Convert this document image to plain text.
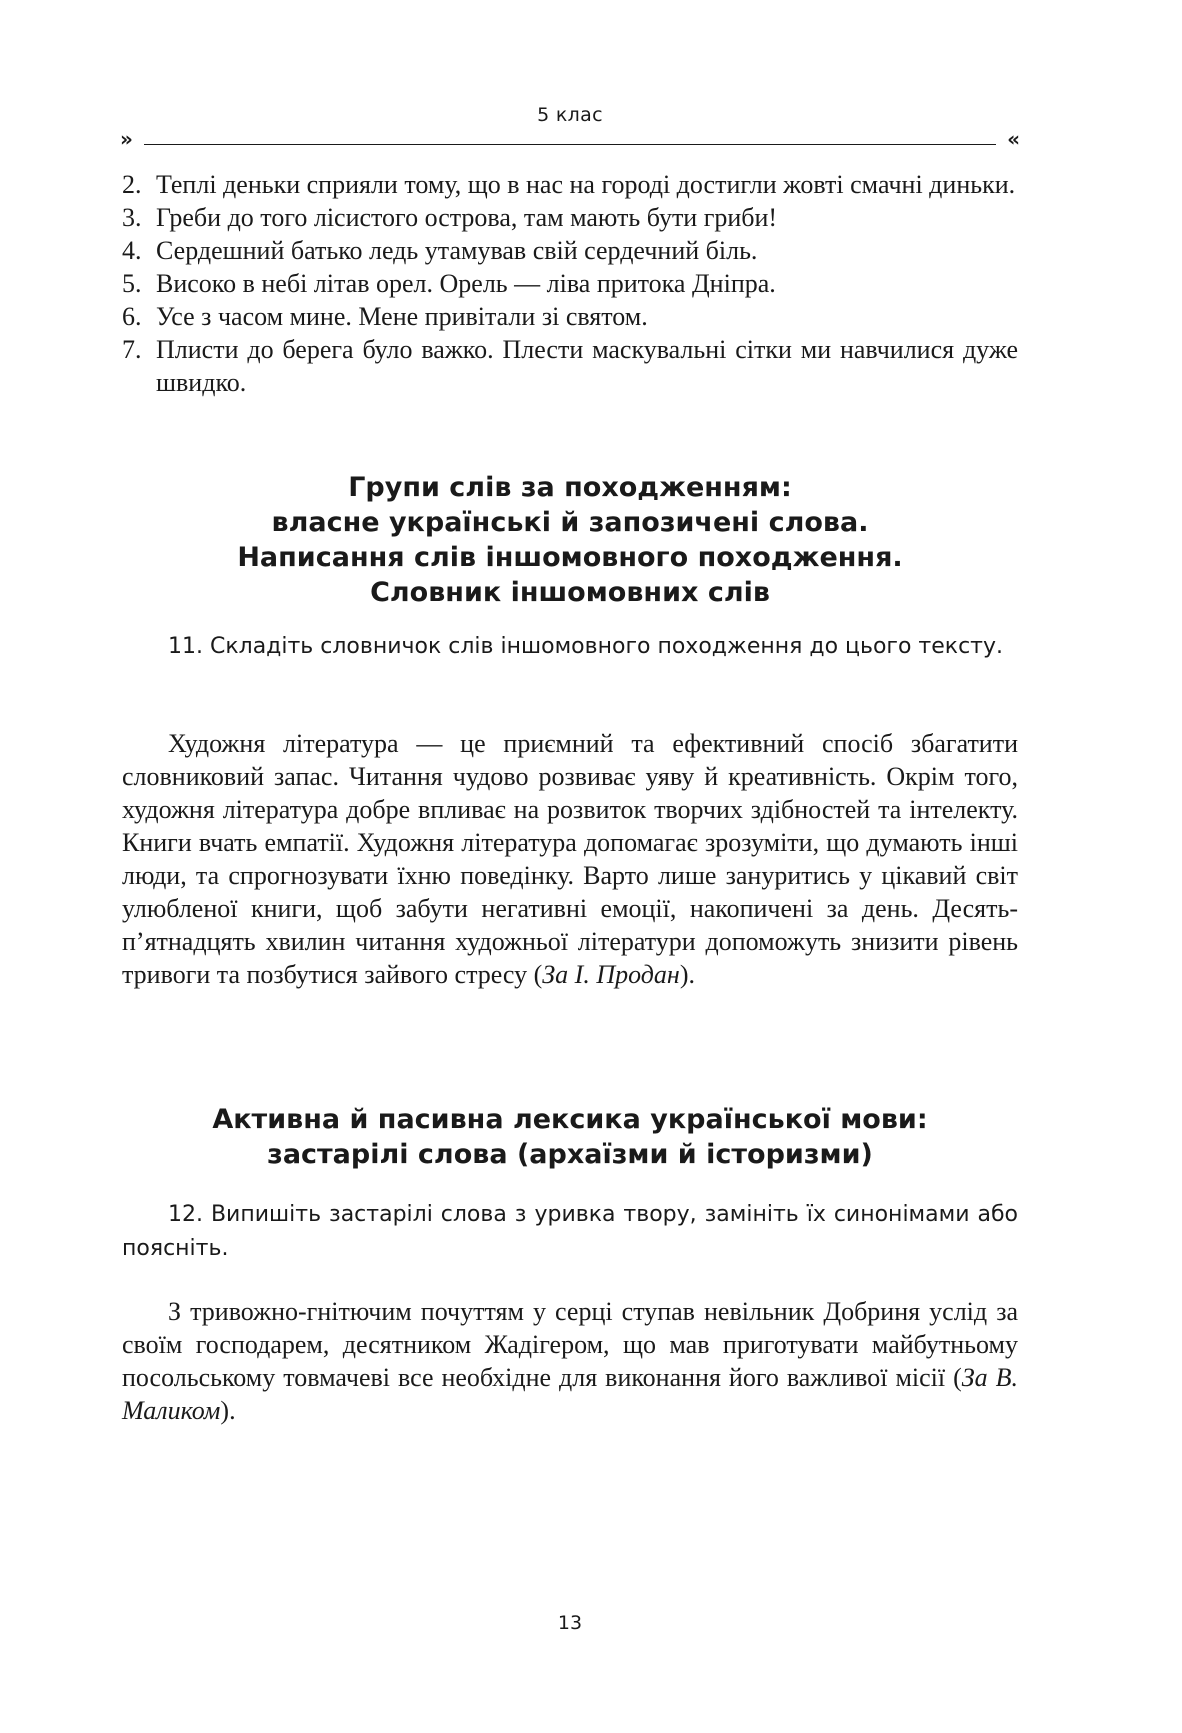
5 клас
»	«
2. Теплі деньки сприяли тому, що в нас на городі достигли жовті смачні диньки.
3. Греби до того лісистого острова, там мають бути гриби!
4. Сердешний батько ледь утамував свій сердечний біль.
5. Високо в небі літав орел. Орель — ліва притока Дніпра.
6. Усе з часом мине. Мене привітали зі святом.
7. Плисти до берега було важко. Плести маскувальні сітки ми навчилися дуже швидко.
Групи слів за походженням:
власне українські й запозичені слова.
Написання слів іншомовного походження.
Словник іншомовних слів

11. Складіть словничок слів іншомовного походження до цього тексту.

Художня література — це приємний та ефективний спосіб збагатити словниковий запас. Читання чудово розвиває уяву й креативність. Окрім того, художня література добре впливає на розвиток творчих здібностей та інтелекту. Книги вчать емпатії. Художня література допомагає зрозуміти, що думають інші люди, та спрогнозувати їхню поведінку. Варто лише зануритись у цікавий світ улюбленої книги, щоб забути негативні емоції, накопичені за день. Десять-п’ятнадцять хвилин читання художньої літератури допоможуть знизити рівень тривоги та позбутися зайвого стресу (За І. Продан).

Активна й пасивна лексика української мови:
застарілі слова (архаїзми й історизми)

12. Випишіть застарілі слова з уривка твору, замініть їх синонімами або поясніть.

З тривожно-гнітючим почуттям у серці ступав невільник Добриня услід за своїм господарем, десятником Жадігером, що мав приготувати майбутньому посольському товмачеві все необхідне для виконання його важливої місії (За В. Маликом).

13
